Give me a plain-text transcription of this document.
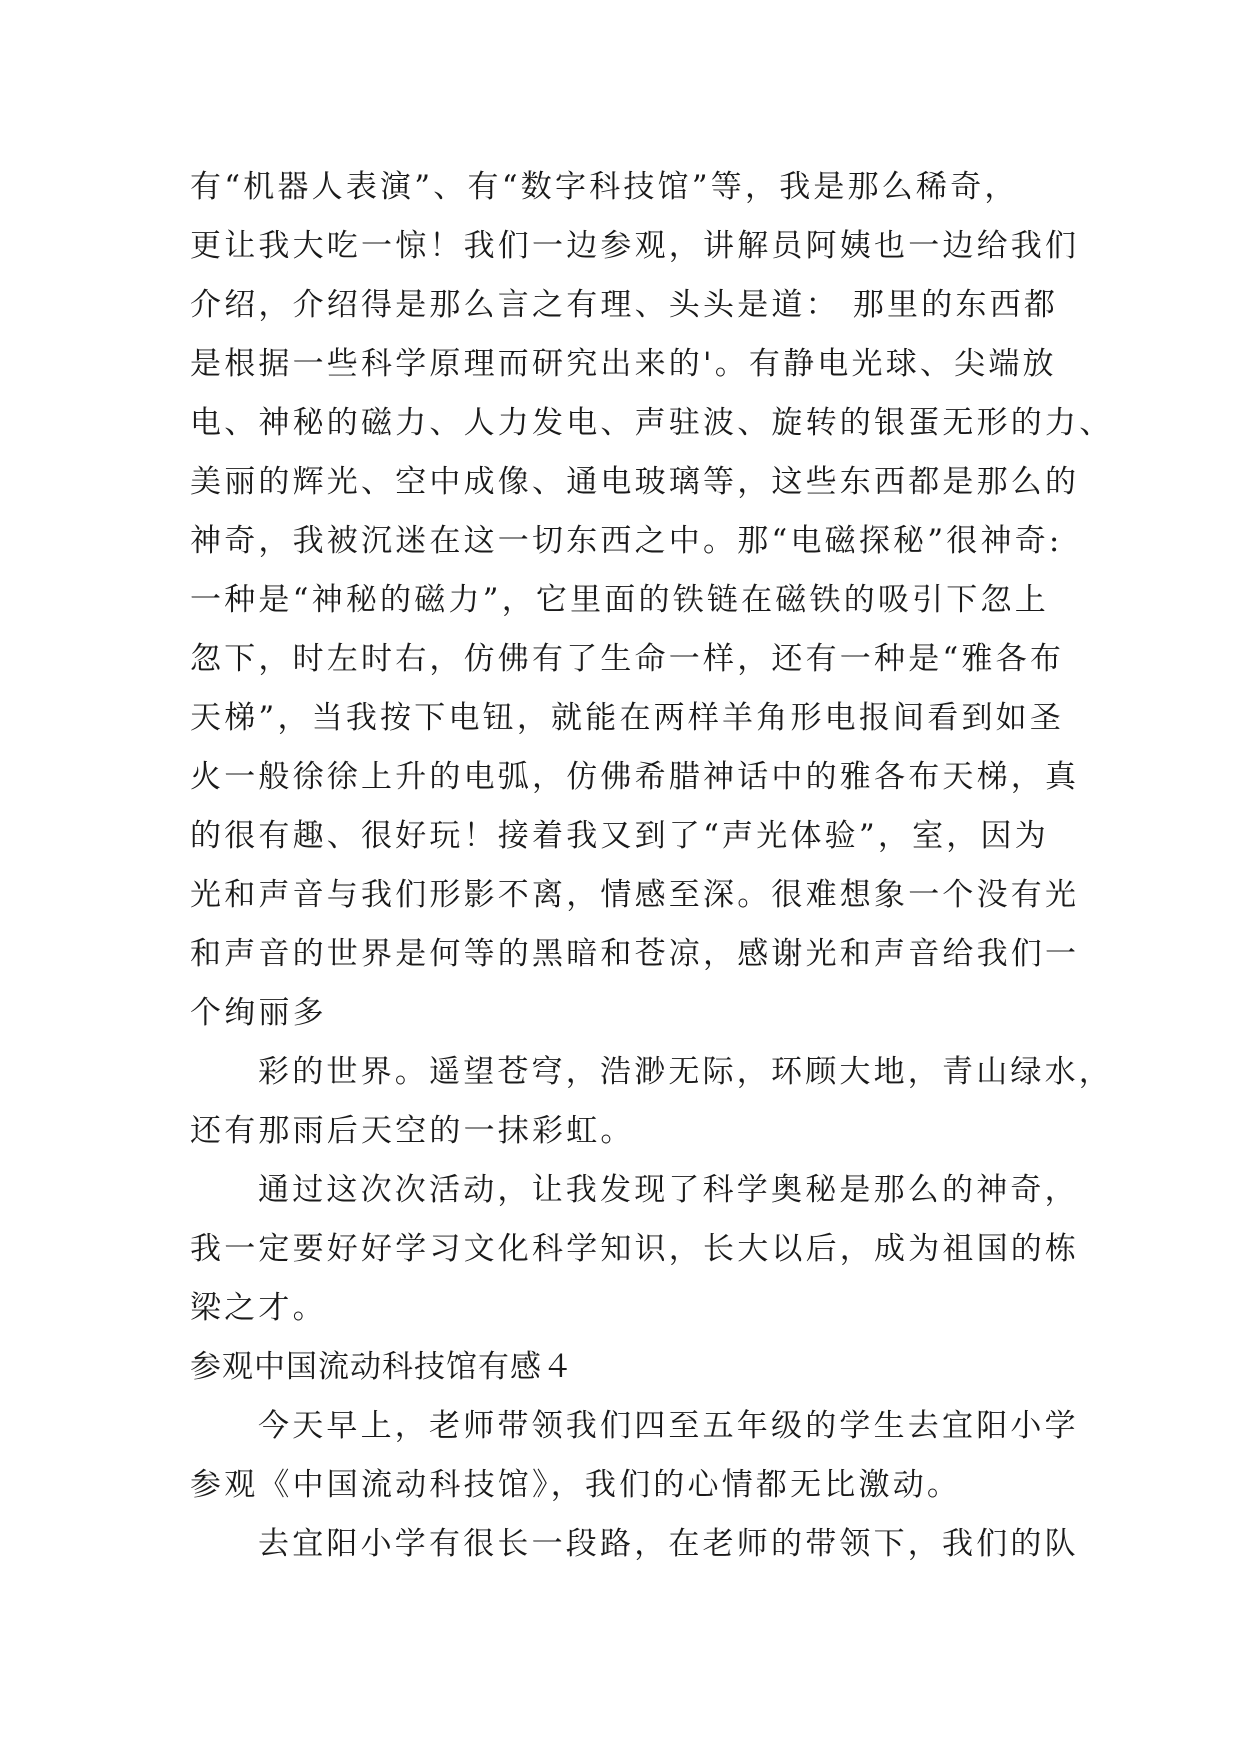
有“机器人表演”、有“数字科技馆”等，我是那么稀奇，
更让我大吃一惊！我们一边参观，讲解员阿姨也一边给我们
介绍，介绍得是那么言之有理、头头是道： 那里的东西都
是根据一些科学原理而研究出来的'。有静电光球、尖端放
电、神秘的磁力、人力发电、声驻波、旋转的银蛋无形的力、
美丽的辉光、空中成像、通电玻璃等，这些东西都是那么的
神奇，我被沉迷在这一切东西之中。那“电磁探秘”很神奇:
一种是“神秘的磁力”，它里面的铁链在磁铁的吸引下忽上
忽下，时左时右，仿佛有了生命一样，还有一种是“雅各布
天梯”，当我按下电钮，就能在两样羊角形电报间看到如圣
火一般徐徐上升的电弧，仿佛希腊神话中的雅各布天梯，真
的很有趣、很好玩！接着我又到了“声光体验”，室，因为
光和声音与我们形影不离，情感至深。很难想象一个没有光
和声音的世界是何等的黑暗和苍凉，感谢光和声音给我们一
个绚丽多
彩的世界。遥望苍穹，浩渺无际，环顾大地，青山绿水，
还有那雨后天空的一抹彩虹。
通过这次次活动，让我发现了科学奥秘是那么的神奇，
我一定要好好学习文化科学知识，长大以后，成为祖国的栋
梁之才。
参观中国流动科技馆有感４
今天早上，老师带领我们四至五年级的学生去宜阳小学
参观《中国流动科技馆》，我们的心情都无比激动。
去宜阳小学有很长一段路，在老师的带领下，我们的队
